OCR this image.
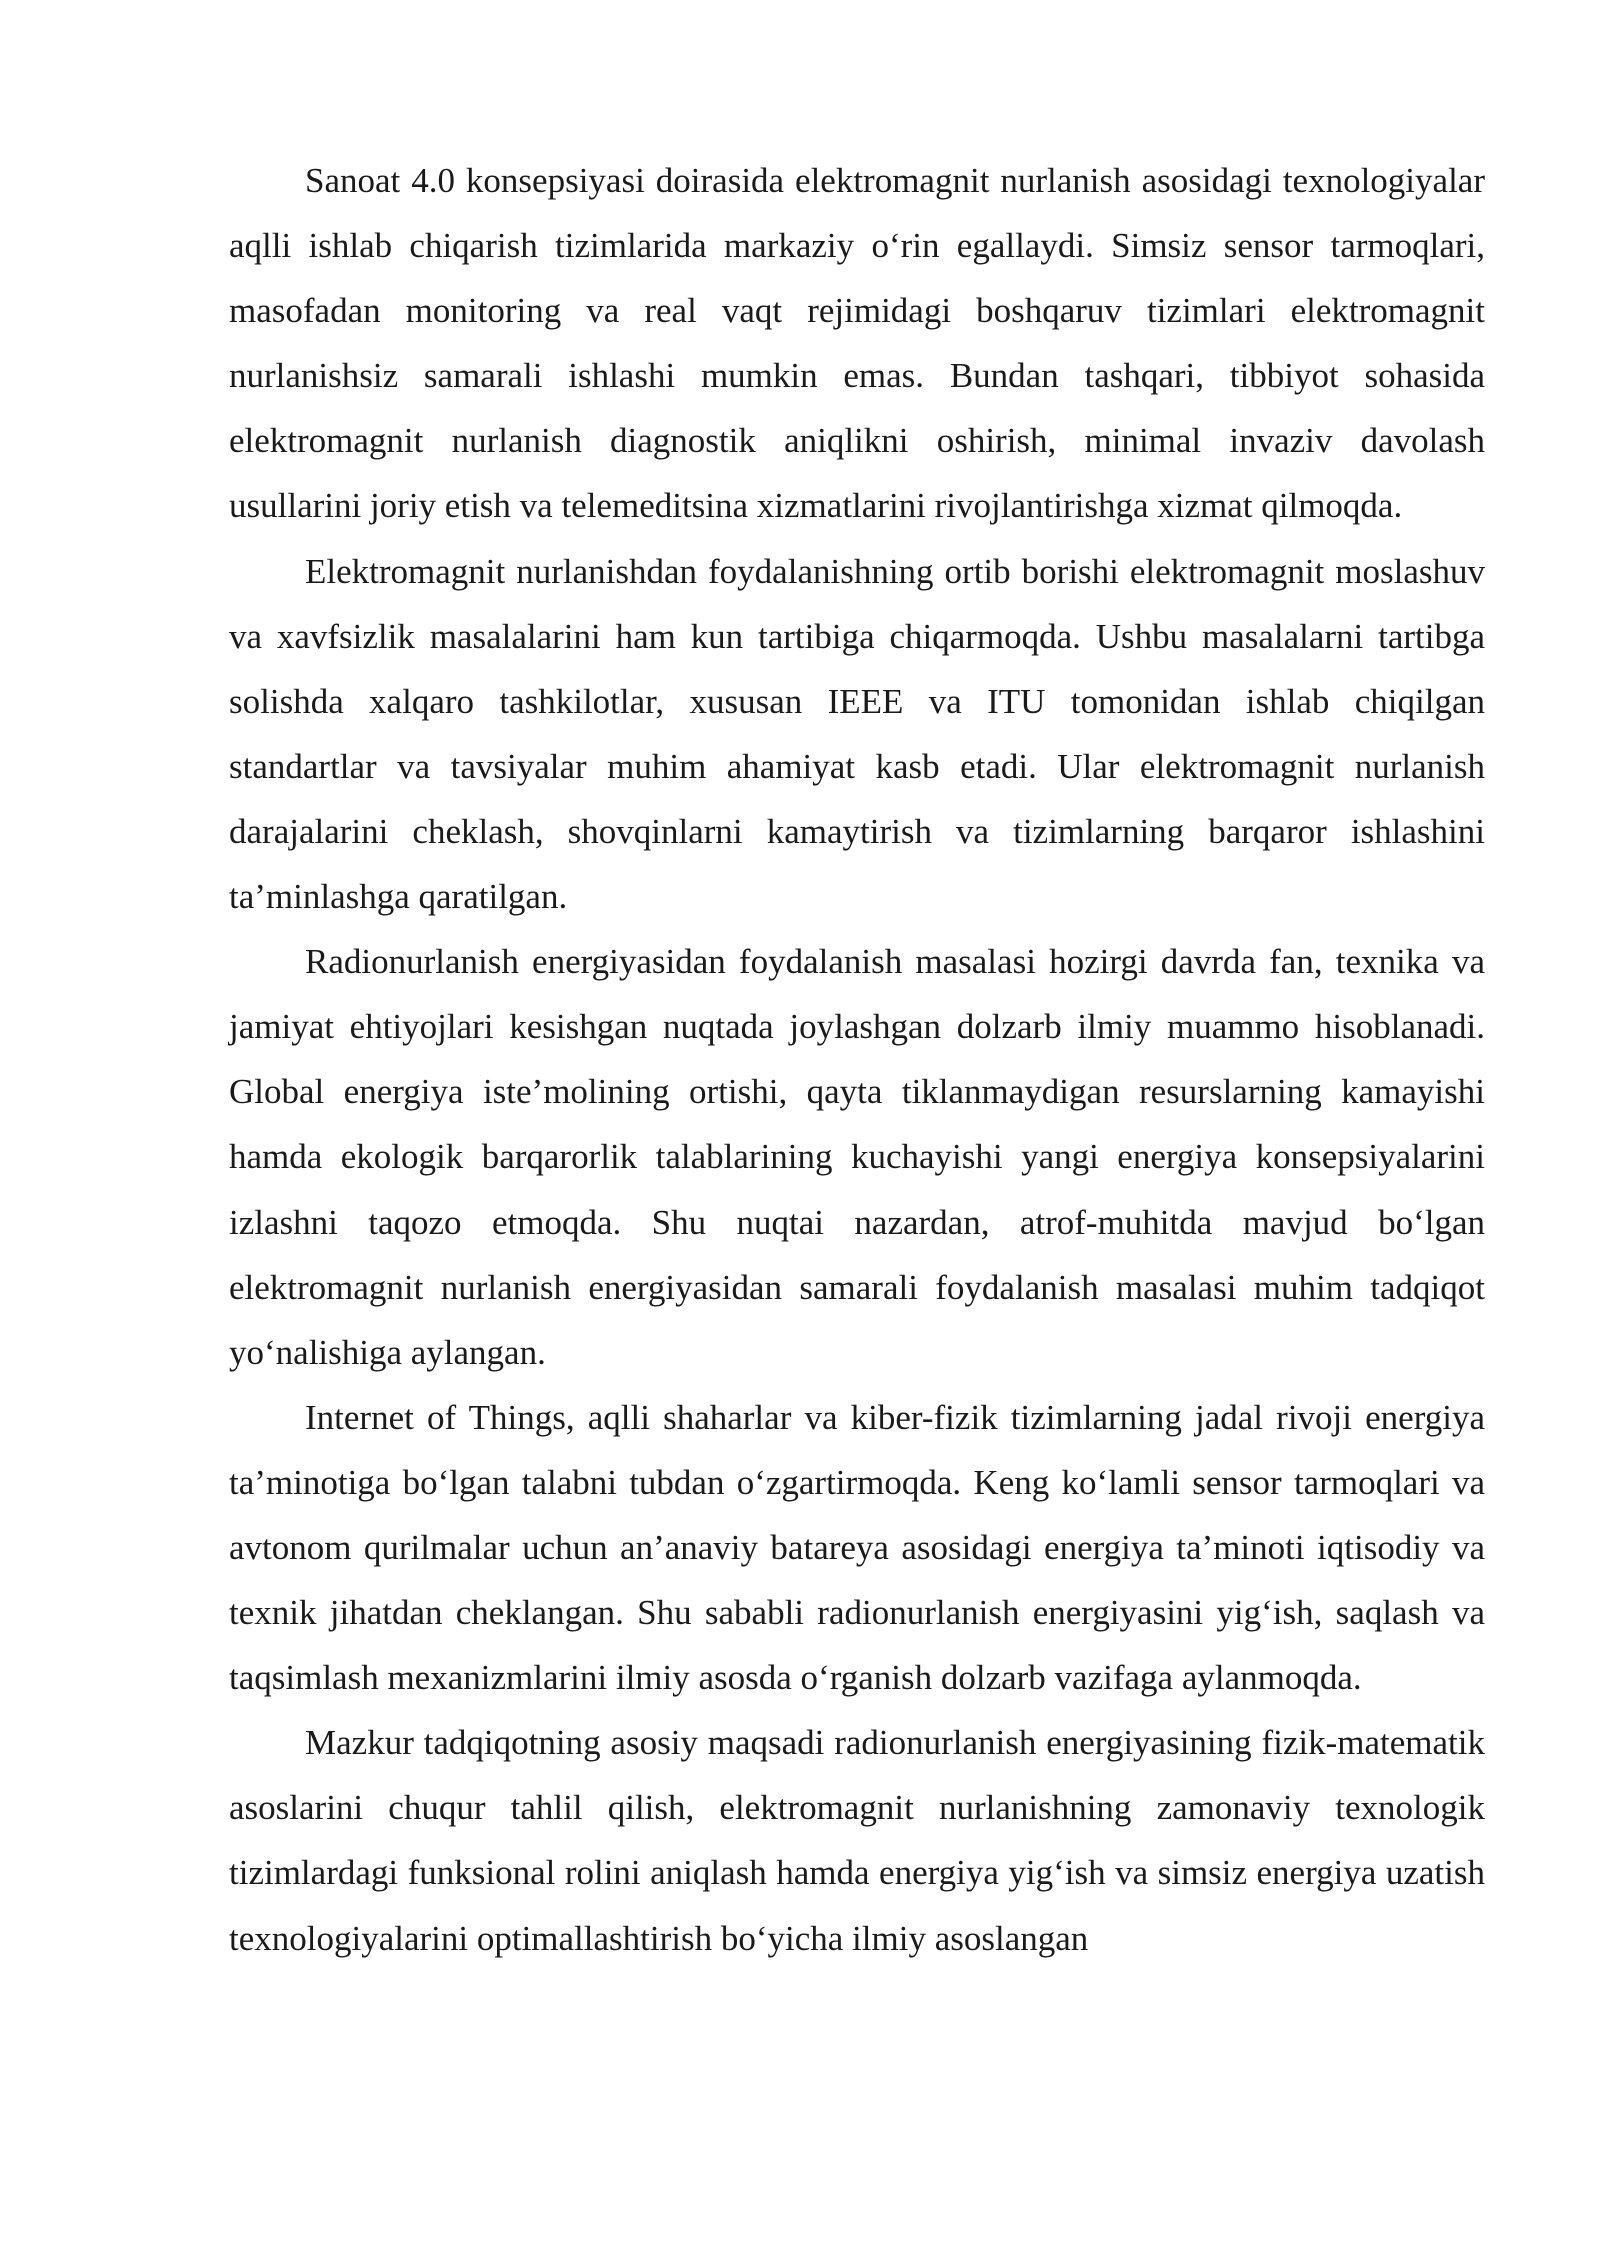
Sanoat 4.0 konsepsiyasi doirasida elektromagnit nurlanish asosidagi texnologiyalar aqlli ishlab chiqarish tizimlarida markaziy o‘rin egallaydi. Simsiz sensor tarmoqlari, masofadan monitoring va real vaqt rejimidagi boshqaruv tizimlari elektromagnit nurlanishsiz samarali ishlashi mumkin emas. Bundan tashqari, tibbiyot sohasida elektromagnit nurlanish diagnostik aniqlikni oshirish, minimal invaziv davolash usullarini joriy etish va telemeditsina xizmatlarini rivojlantirishga xizmat qilmoqda.

Elektromagnit nurlanishdan foydalanishning ortib borishi elektromagnit moslashuv va xavfsizlik masalalarini ham kun tartibiga chiqarmoqda. Ushbu masalalarni tartibga solishda xalqaro tashkilotlar, xususan IEEE va ITU tomonidan ishlab chiqilgan standartlar va tavsiyalar muhim ahamiyat kasb etadi. Ular elektromagnit nurlanish darajalarini cheklash, shovqinlarni kamaytirish va tizimlarning barqaror ishlashini ta’minlashga qaratilgan.

Radionurlanish energiyasidan foydalanish masalasi hozirgi davrda fan, texnika va jamiyat ehtiyojlari kesishgan nuqtada joylashgan dolzarb ilmiy muammo hisoblanadi. Global energiya iste’molining ortishi, qayta tiklanmaydigan resurslarning kamayishi hamda ekologik barqarorlik talablarining kuchayishi yangi energiya konsepsiyalarini izlashni taqozo etmoqda. Shu nuqtai nazardan, atrof-muhitda mavjud bo‘lgan elektromagnit nurlanish energiyasidan samarali foydalanish masalasi muhim tadqiqot yo‘nalishiga aylangan.

Internet of Things, aqlli shaharlar va kiber-fizik tizimlarning jadal rivoji energiya ta’minotiga bo‘lgan talabni tubdan o‘zgartirmoqda. Keng ko‘lamli sensor tarmoqlari va avtonom qurilmalar uchun an’anaviy batareya asosidagi energiya ta’minoti iqtisodiy va texnik jihatdan cheklangan. Shu sababli radionurlanish energiyasini yig‘ish, saqlash va taqsimlash mexanizmlarini ilmiy asosda o‘rganish dolzarb vazifaga aylanmoqda.

Mazkur tadqiqotning asosiy maqsadi radionurlanish energiyasining fizik-matematik asoslarini chuqur tahlil qilish, elektromagnit nurlanishning zamonaviy texnologik tizimlardagi funksional rolini aniqlash hamda energiya yig‘ish va simsiz energiya uzatish texnologiyalarini optimallashtirish bo‘yicha ilmiy asoslangan
